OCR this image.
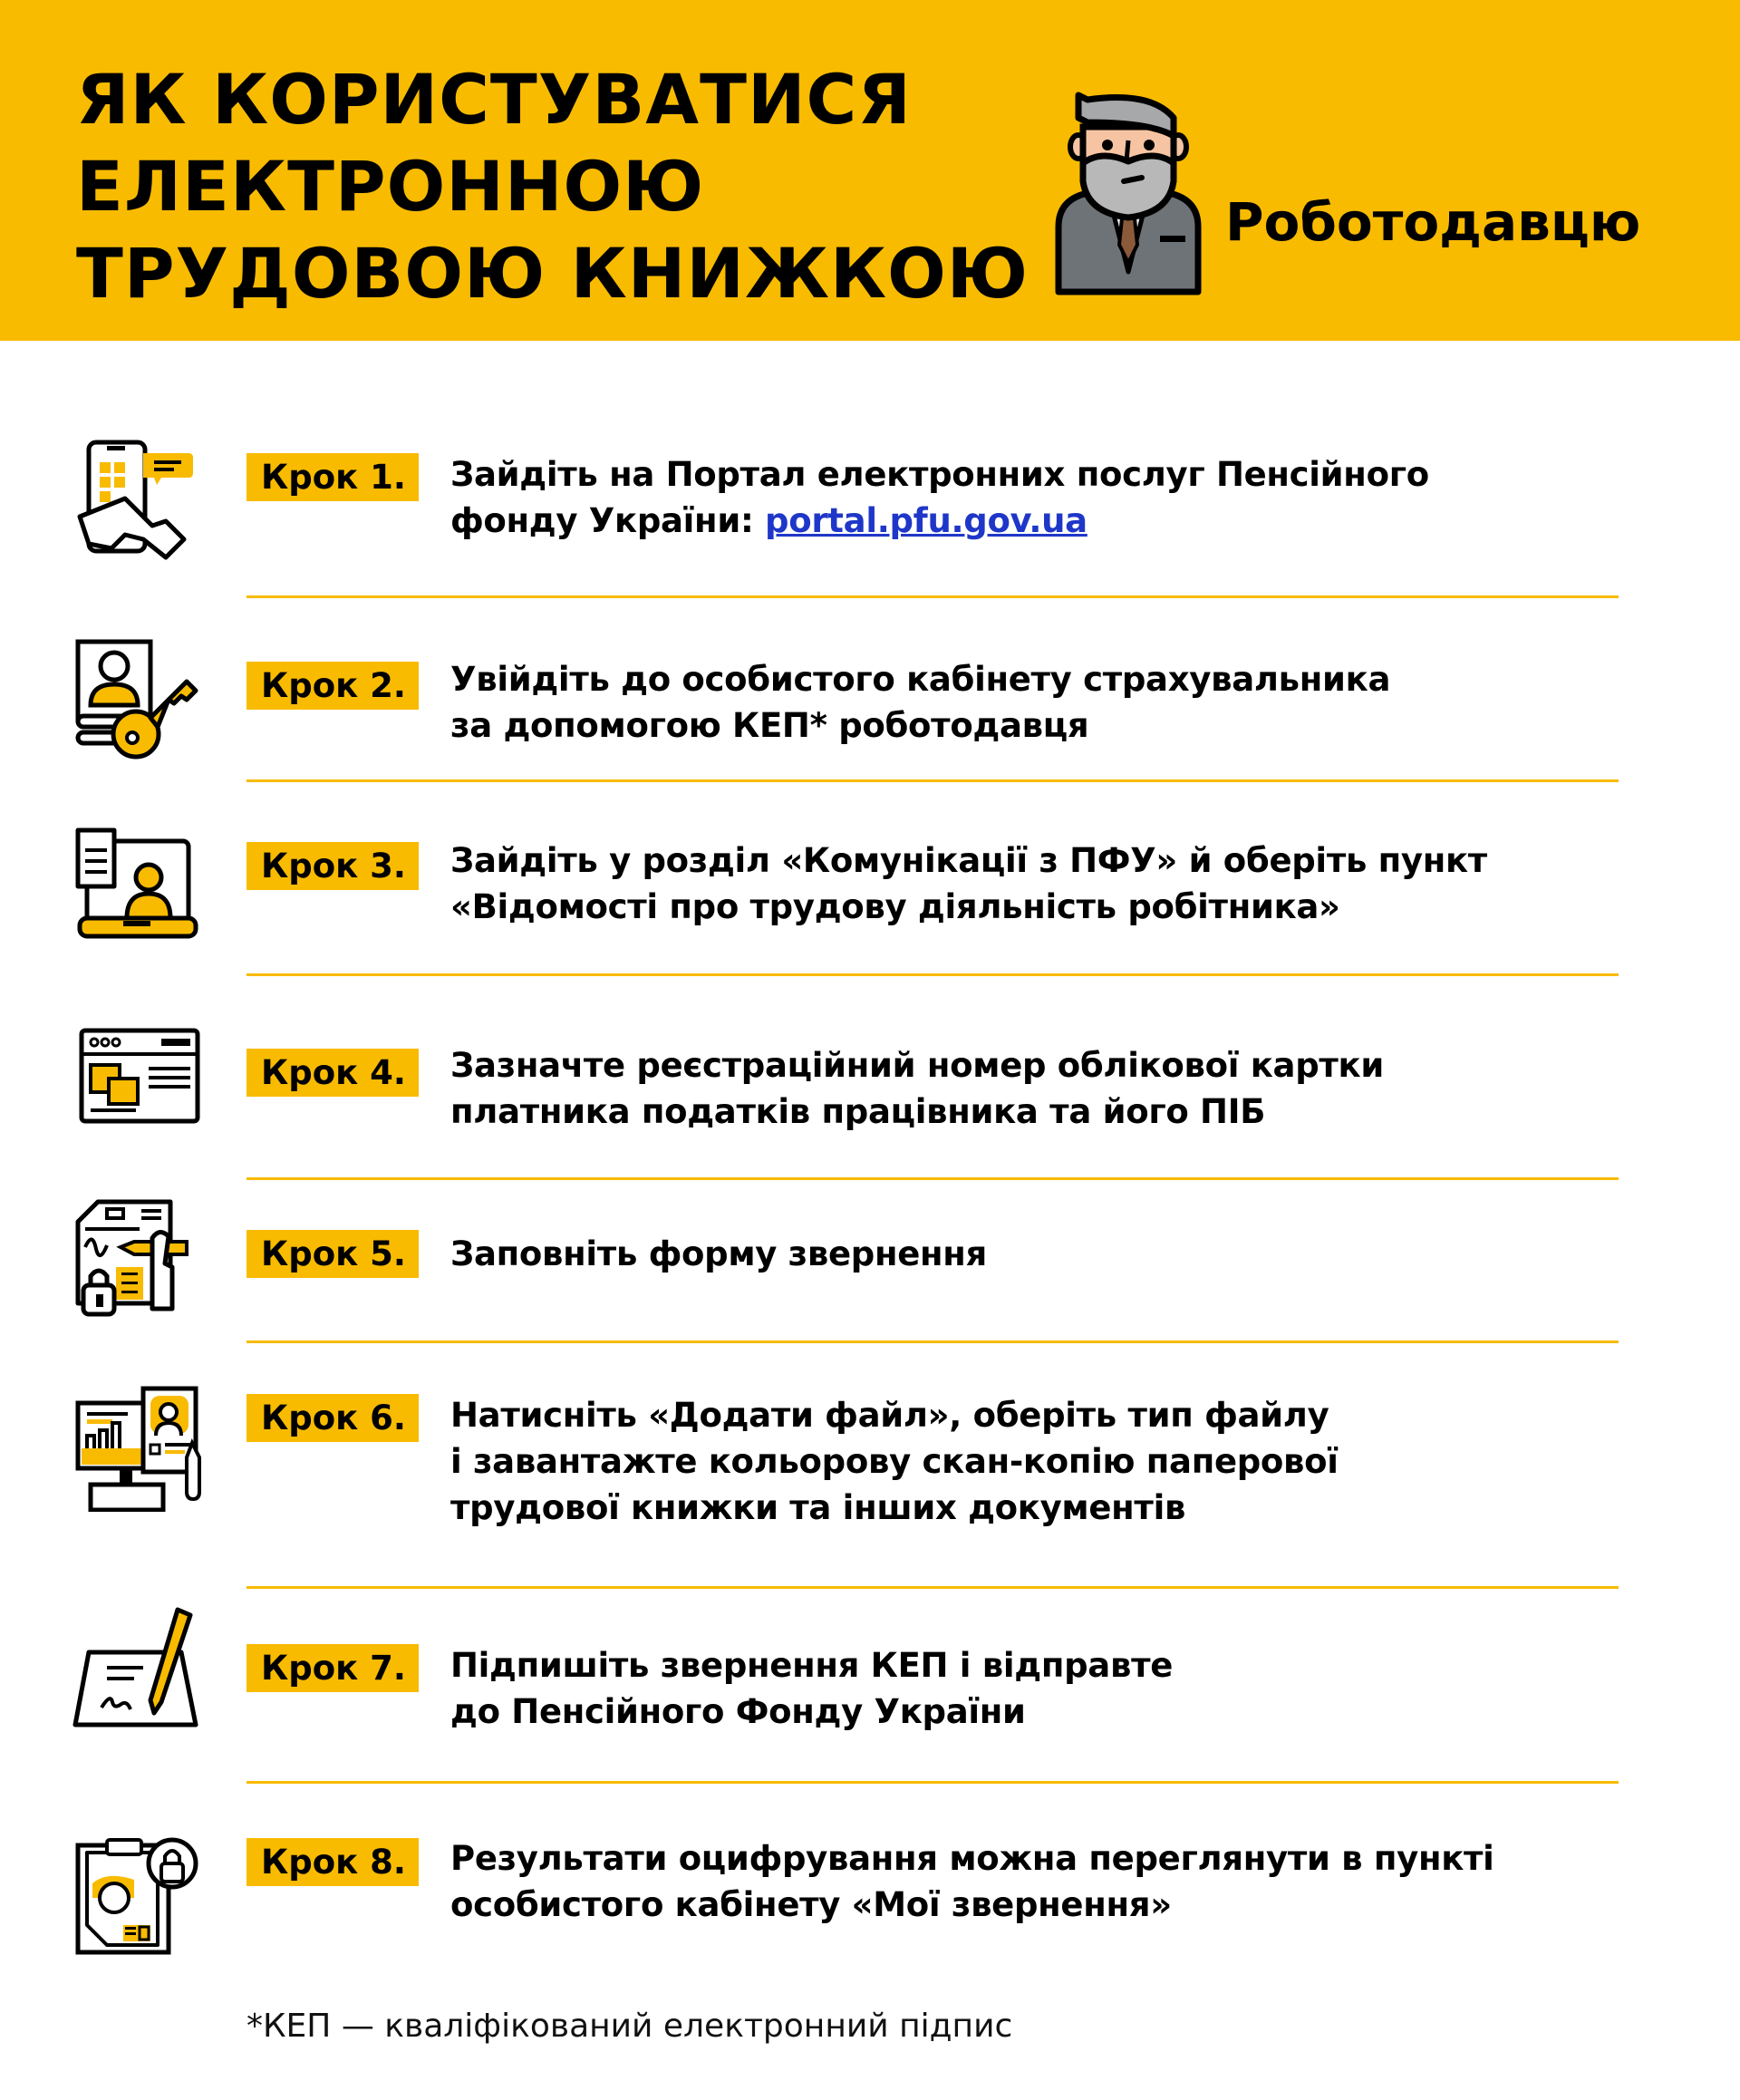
ЯК КОРИСТУВАТИСЯ
ЕЛЕКТРОННОЮ
ТРУДОВОЮ КНИЖКОЮ
Роботодавцю
Крок 1.	Зайдіть на Портал електронних послуг Пенсійного
фонду України: portal.pfu.gov.ua
Крок 2.	Увійдіть до особистого кабінету страхувальника
за допомогою КЕП* роботодавця
Крок 3.	Зайдіть у розділ «Комунікації з ПФУ» й оберіть пункт
«Відомості про трудову діяльність робітника»
Крок 4.	Зазначте реєстраційний номер облікової картки
платника податків працівника та його ПІБ
Крок 5.	Заповніть форму звернення
Крок 6.	Натисніть «Додати файл», оберіть тип файлу
і завантажте кольорову скан-копію паперової
трудової книжки та інших документів
Крок 7.	Підпишіть звернення КЕП і відправте
до Пенсійного Фонду України
Крок 8.	Результати оцифрування можна переглянути в пункті
особистого кабінету «Мої звернення»
*КЕП — кваліфікований електронний підпис
